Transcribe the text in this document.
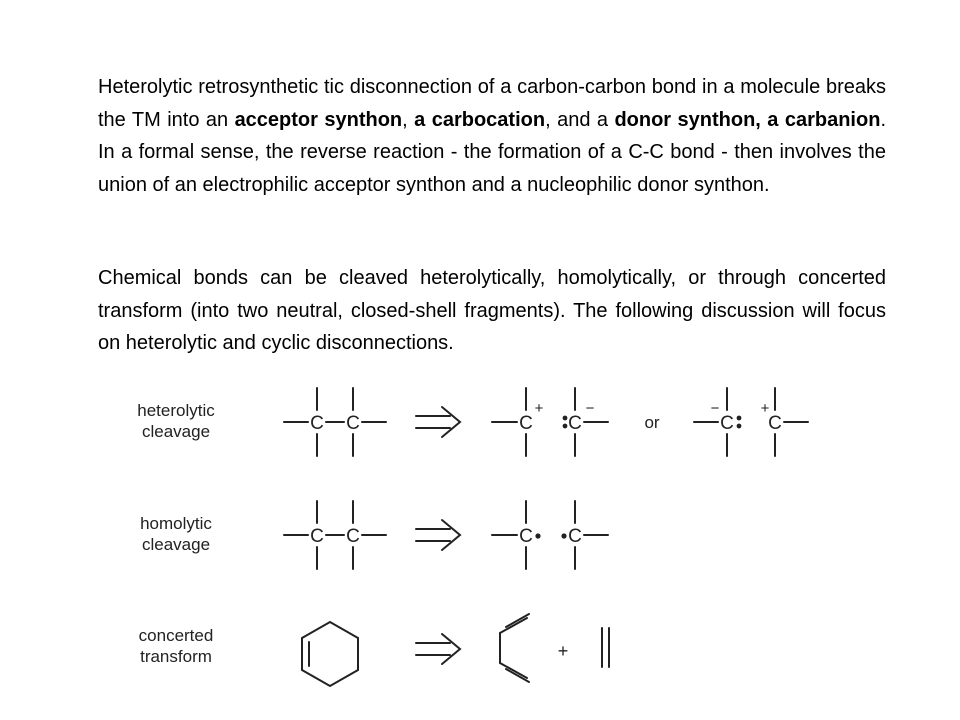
Heterolytic retrosynthetic tic disconnection of a carbon-carbon bond in a molecule breaks the TM into an acceptor synthon, a carbocation, and a donor synthon, a carbanion. In a formal sense, the reverse reaction - the formation of a C-C bond - then involves the union of an electrophilic acceptor synthon and a nucleophilic donor synthon.

Chemical bonds can be cleaved heterolytically, homolytically, or through concerted transform (into two neutral, closed-shell fragments). The following discussion will focus on heterolytic and cyclic disconnections.

heterolytic
cleavage
homolytic
cleavage
concerted
transform
C C	C C	C C
C C	C C
+	−	−	+
or
+
